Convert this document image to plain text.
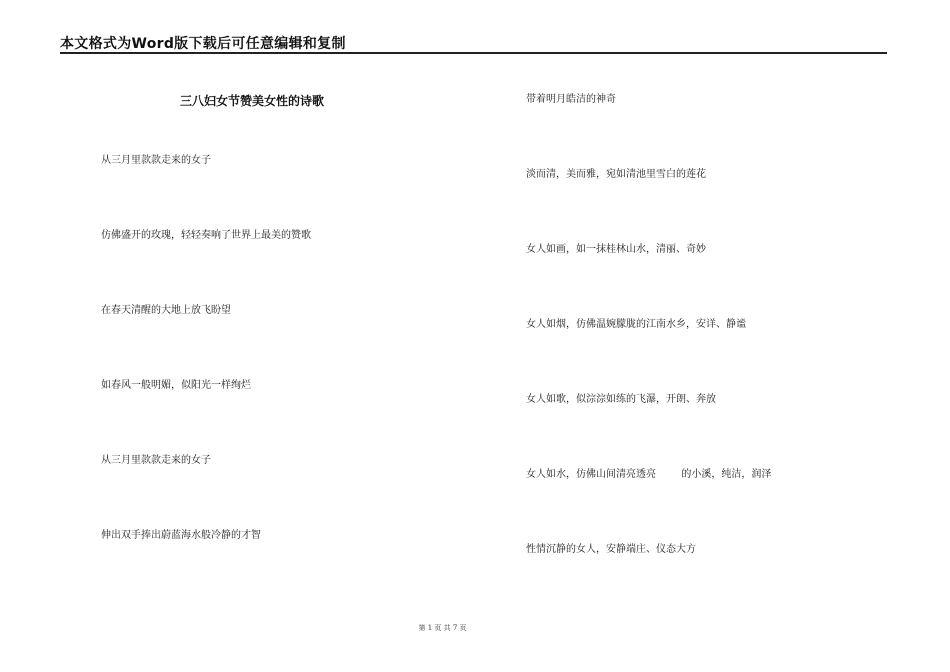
本文格式为Word版下载后可任意编辑和复制
三八妇女节赞美女性的诗歌
从三月里款款走来的女子
仿佛盛开的玫瑰，轻轻奏响了世界上最美的赞歌
在春天清醒的大地上放飞盼望
如春风一般明媚，似阳光一样绚烂
从三月里款款走来的女子
伸出双手捧出蔚蓝海水般冷静的才智
带着明月皓洁的神奇
淡而清，美而雅，宛如清池里雪白的莲花
女人如画，如一抹桂林山水，清丽、奇妙
女人如烟，仿佛温婉朦胧的江南水乡，安详、静谧
女人如歌，似淙淙如练的飞瀑，开朗、奔放
女人如水，仿佛山间清亮透亮        的小溪，纯洁，润泽
性情沉静的女人，安静端庄、仪态大方
第 1 页 共 7 页
